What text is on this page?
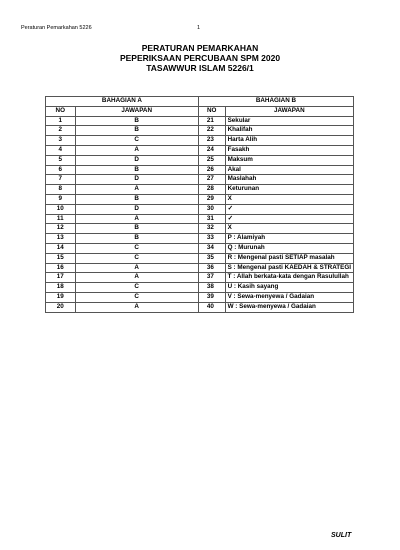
Peraturan Pemarkahan 5226	1
PERATURAN PEMARKAHAN
PEPERIKSAAN PERCUBAAN SPM 2020
TASAWWUR ISLAM 5226/1
BAHAGIAN A		BAHAGIAN B	
NO	JAWAPAN	NO	JAWAPAN
1	B	21	Sekular
2	B	22	Khalifah
3	C	23	Harta Alih
4	A	24	Fasakh
5	D	25	Maksum
6	B	26	Akal
7	D	27	Maslahah
8	A	28	Keturunan
9	B	29	X
10	D	30	✓
11	A	31	✓
12	B	32	X
13	B	33	P : Alamiyah
14	C	34	Q : Murunah
15	C	35	R : Mengenal pasti SETIAP masalah
16	A	36	S : Mengenal pasti KAEDAH & STRATEGI
17	A	37	T : Allah berkata-kata dengan Rasulullah
18	C	38	U : Kasih sayang
19	C	39	V : Sewa-menyewa / Gadaian
20	A	40	W : Sewa-menyewa / Gadaian
SULIT
